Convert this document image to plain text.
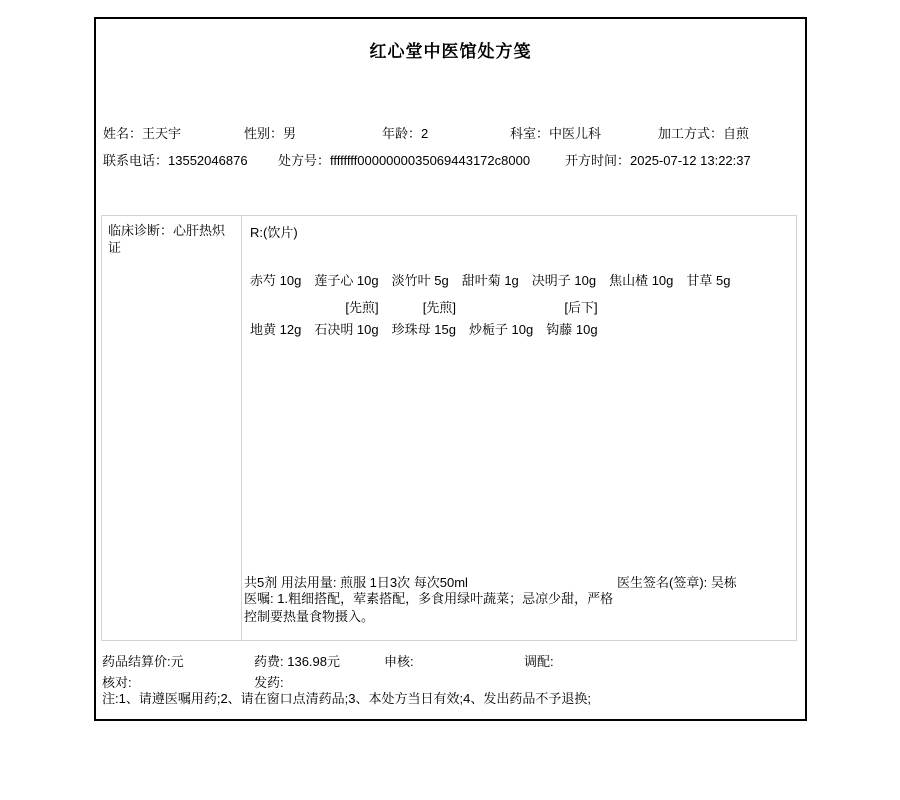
红心堂中医馆处方笺
姓名：王天宇	性别：男	年龄：2	科室：中医儿科	加工方式：自煎
联系电话：13552046876 处方号：ffffffff0000000035069443172c8000	开方时间：2025-07-12 13:22:37
临床诊断：心肝热炽证
R:(饮片)
赤芍 10g 莲子心 10g 淡竹叶 5g 甜叶菊 1g 决明子 10g 焦山楂 10g 甘草 5g
地黄 12g
[先煎]
石决明 10g
[先煎]
珍珠母 15g 炒栀子 10g
[后下]
钩藤 10g
共5剂 用法用量: 煎服 1日3次 每次50ml	医生签名(签章): 吴栋
医嘱: 1.粗细搭配，荤素搭配，多食用绿叶蔬菜；忌凉少甜，严格控制要热量食物摄入。
药品结算价:元	药费: 136.98元	申核:	调配:
核对:	发药:
注:1、请遵医嘱用药;2、请在窗口点清药品;3、本处方当日有效;4、发出药品不予退换;
